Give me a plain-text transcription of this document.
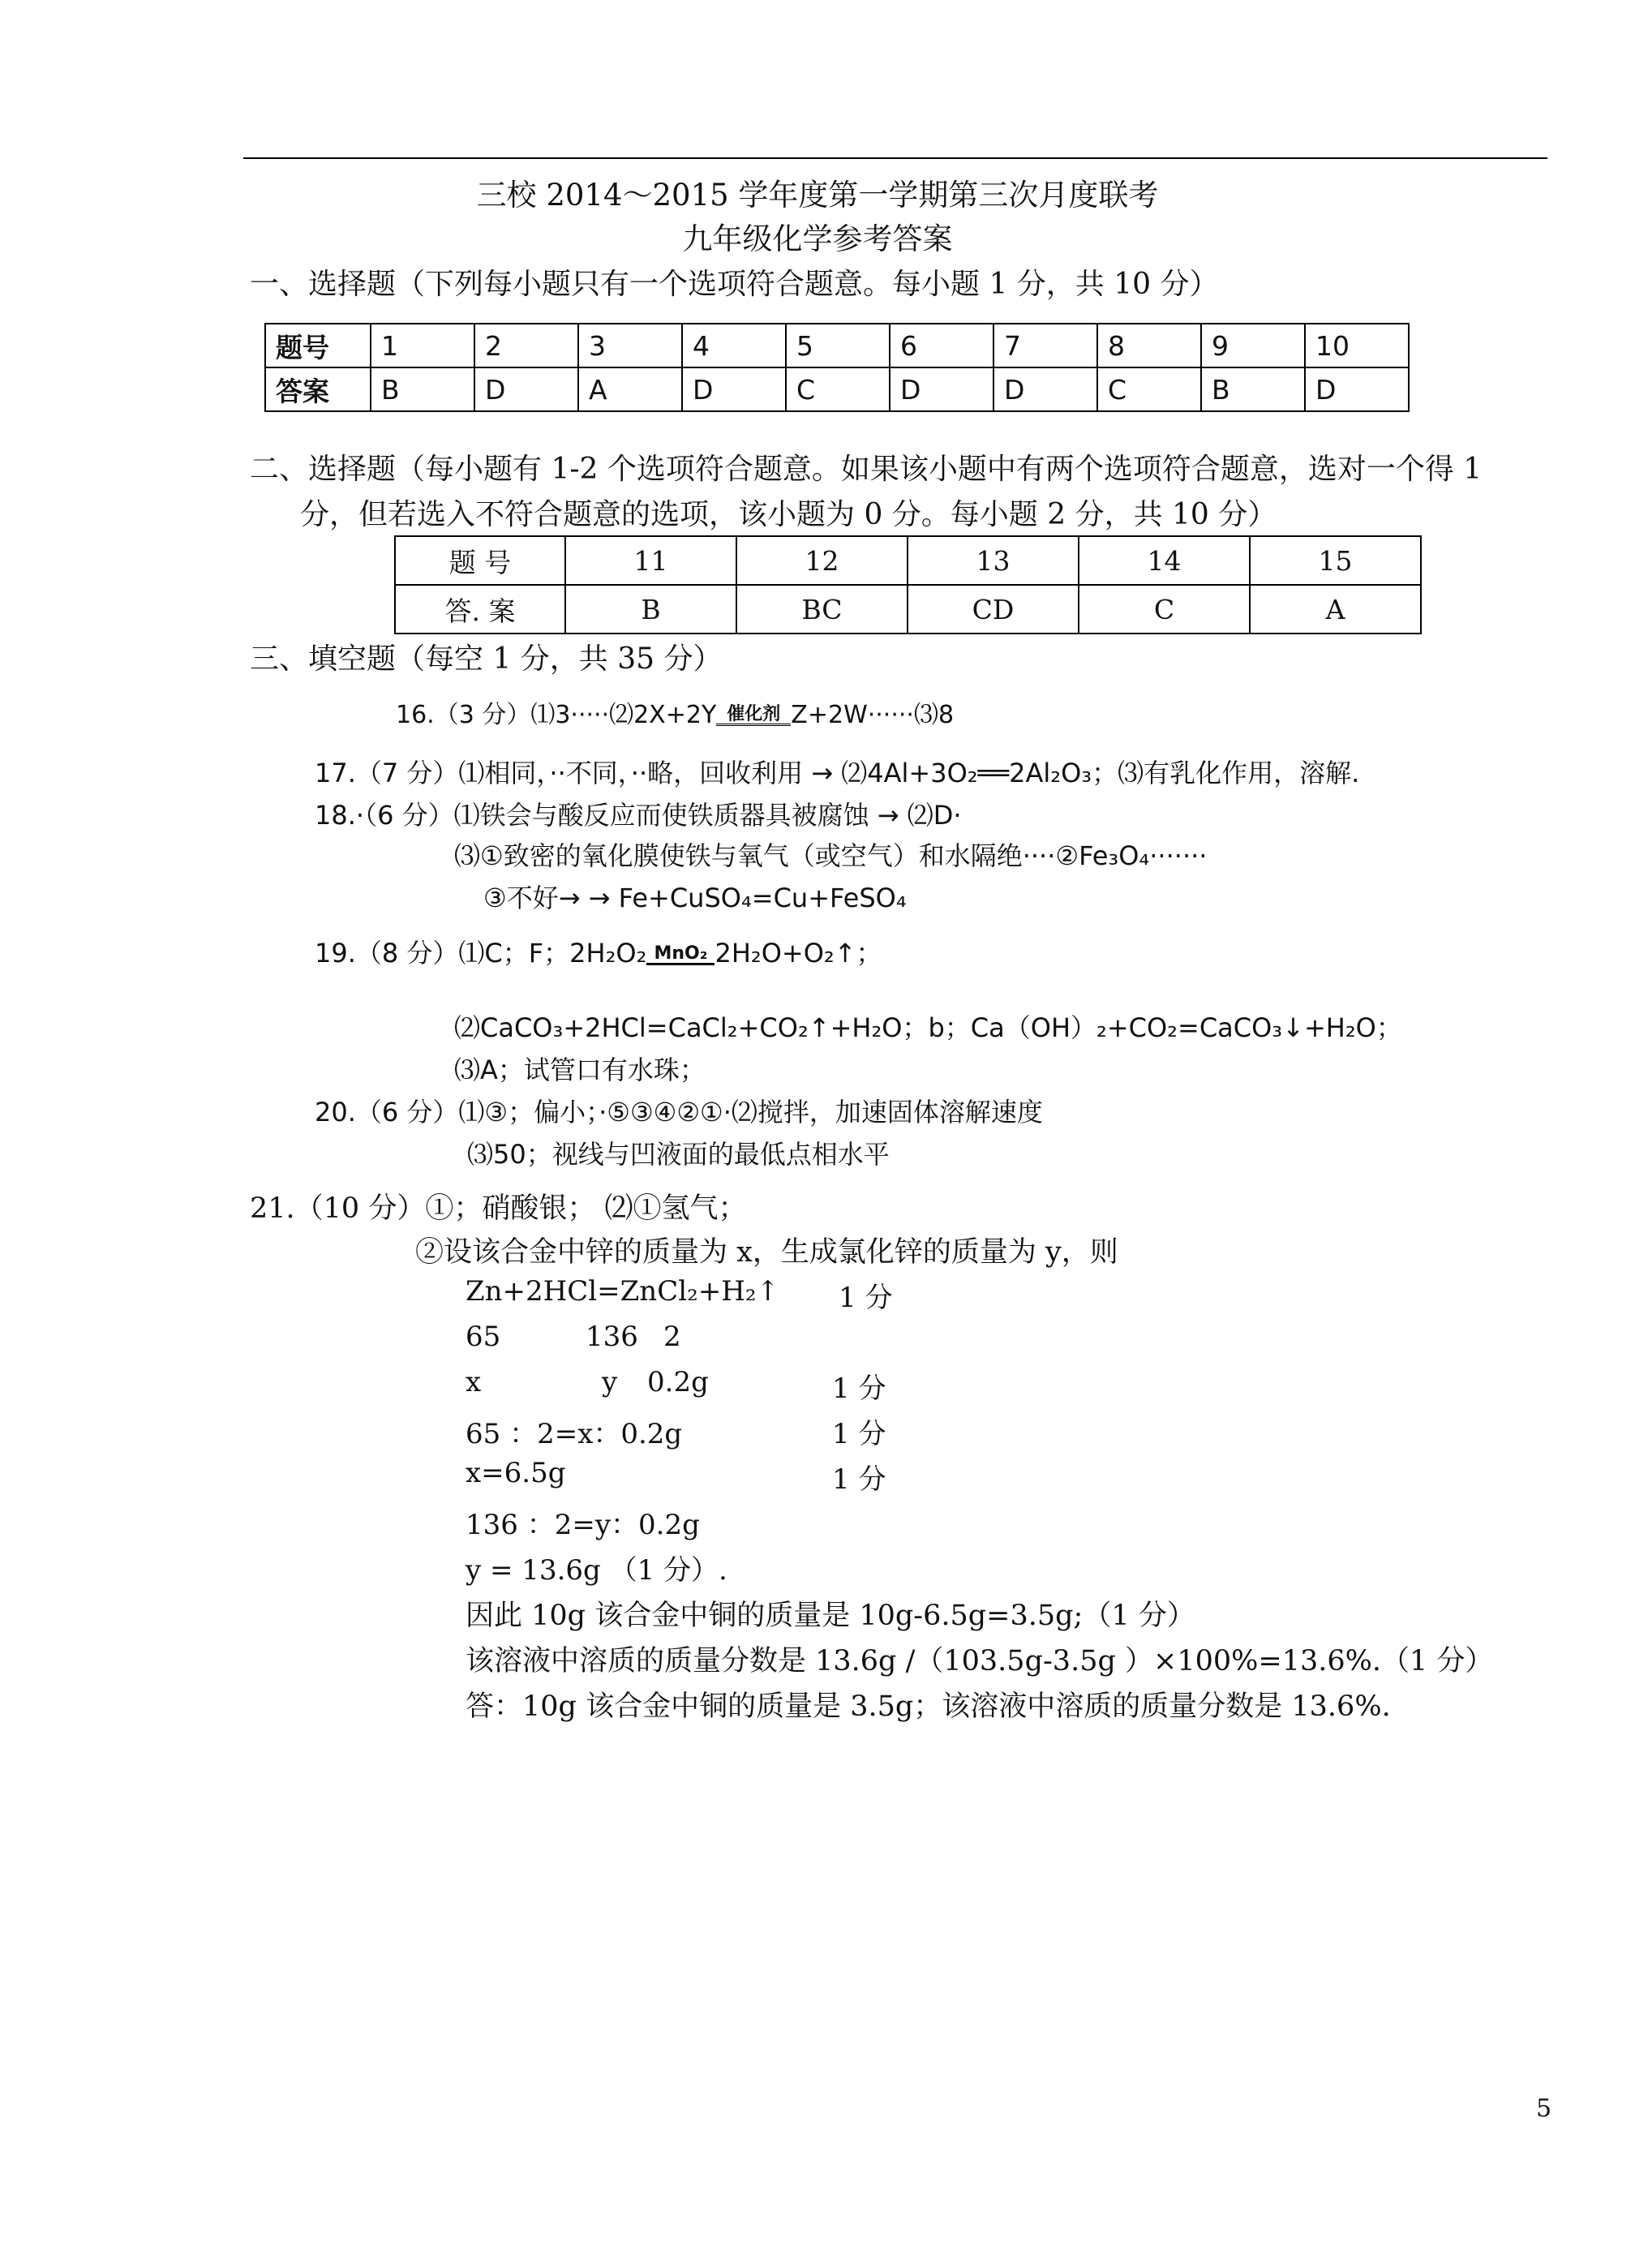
三校 2014～2015 学年度第一学期第三次月度联考
九年级化学参考答案
一、选择题（下列每小题只有一个选项符合题意。每小题 1 分，共 10 分）
题号	1	2	3	4	5	6	7	8	9	10
答案	B	D	A	D	C	D	D	C	B	D
二、选择题（每小题有 1-2 个选项符合题意。如果该小题中有两个选项符合题意，选对一个得 1
分，但若选入不符合题意的选项，该小题为 0 分。每小题 2 分，共 10 分）
题 号	11	12	13	14	15
答. 案	B	BC	CD	C	A
三、填空题（每空 1 分，共 35 分）
16.（3 分）⑴3·····⑵2X+2Y 催化剂 Z+2W······⑶8
17.（7 分）⑴相同，··不同，··略，回收利用 → ⑵4Al+3O₂══2Al₂O₃；⑶有乳化作用，溶解.
18.·（6 分）⑴铁会与酸反应而使铁质器具被腐蚀 → ⑵D·
⑶①致密的氧化膜使铁与氧气（或空气）和水隔绝····②Fe₃O₄·······
③不好→ → Fe+CuSO₄=Cu+FeSO₄
19.（8 分）⑴C；F；2H₂O₂ MnO₂ 2H₂O+O₂↑；
⑵CaCO₃+2HCl=CaCl₂+CO₂↑+H₂O；b；Ca（OH）₂+CO₂=CaCO₃↓+H₂O；
⑶A；试管口有水珠；
20.（6 分）⑴③；偏小；·⑤③④②①·⑵搅拌，加速固体溶解速度
⑶50；视线与凹液面的最低点相水平
21.（10 分）①；硝酸银； ⑵①氢气；
②设该合金中锌的质量为 x，生成氯化锌的质量为 y，则
Zn+2HCl=ZnCl₂+H₂↑ 1 分
65	136 2
x	y 0.2g	1 分
65 ：2=x：0.2g	1 分
x=6.5g	1 分
136 ：2=y：0.2g
y = 13.6g （1 分）.
因此 10g 该合金中铜的质量是 10g-6.5g=3.5g;（1 分）
该溶液中溶质的质量分数是 13.6g /（103.5g-3.5g ）×100%=13.6%.（1 分）
答：10g 该合金中铜的质量是 3.5g；该溶液中溶质的质量分数是 13.6%.
5
